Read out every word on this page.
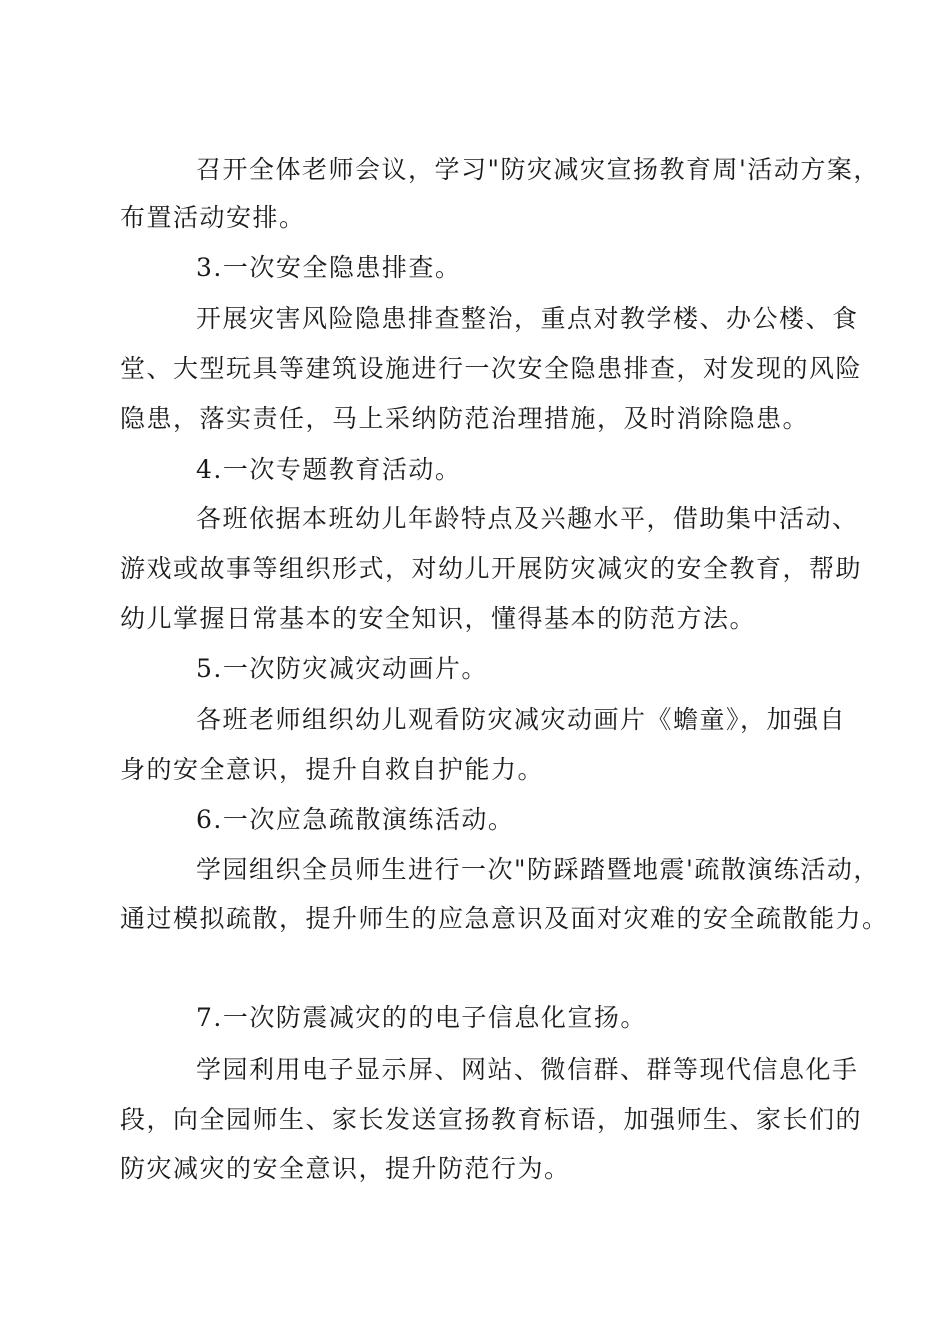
召开全体老师会议，学习"防灾减灾宣扬教育周'活动方案，
布置活动安排。
3.一次安全隐患排查。
开展灾害风险隐患排查整治，重点对教学楼、办公楼、食
堂、大型玩具等建筑设施进行一次安全隐患排查，对发现的风险
隐患，落实责任，马上采纳防范治理措施，及时消除隐患。
4.一次专题教育活动。
各班依据本班幼儿年龄特点及兴趣水平，借助集中活动、
游戏或故事等组织形式，对幼儿开展防灾减灾的安全教育，帮助
幼儿掌握日常基本的安全知识，懂得基本的防范方法。
5.一次防灾减灾动画片。
各班老师组织幼儿观看防灾减灾动画片《蟾童》，加强自
身的安全意识，提升自救自护能力。
6.一次应急疏散演练活动。
学园组织全员师生进行一次"防踩踏暨地震'疏散演练活动，
通过模拟疏散，提升师生的应急意识及面对灾难的安全疏散能力。
7.一次防震减灾的的电子信息化宣扬。
学园利用电子显示屏、网站、微信群、群等现代信息化手
段，向全园师生、家长发送宣扬教育标语，加强师生、家长们的
防灾减灾的安全意识，提升防范行为。
